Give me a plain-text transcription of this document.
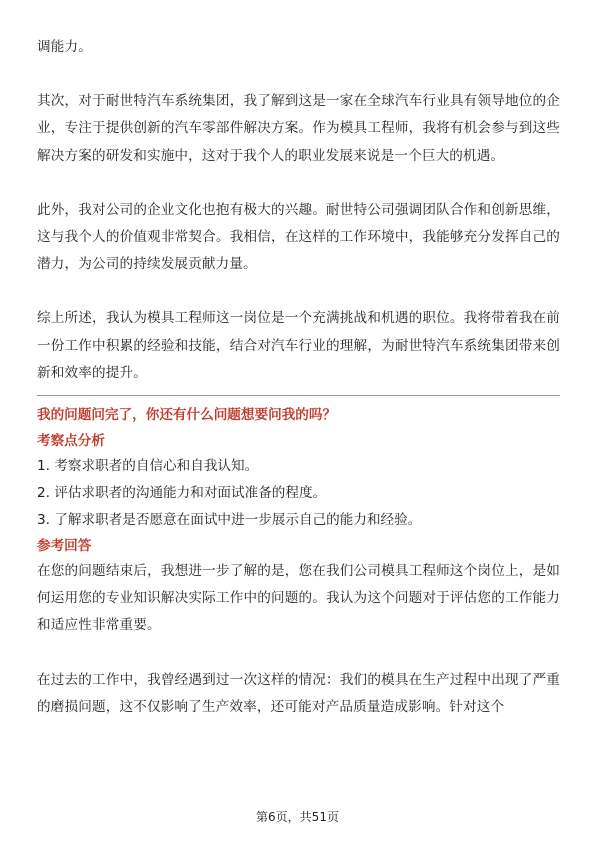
调能力。

其次，对于耐世特汽车系统集团，我了解到这是一家在全球汽车行业具有领导地位的企业，专注于提供创新的汽车零部件解决方案。作为模具工程师，我将有机会参与到这些解决方案的研发和实施中，这对于我个人的职业发展来说是一个巨大的机遇。

此外，我对公司的企业文化也抱有极大的兴趣。耐世特公司强调团队合作和创新思维，这与我个人的价值观非常契合。我相信，在这样的工作环境中，我能够充分发挥自己的潜力，为公司的持续发展贡献力量。

综上所述，我认为模具工程师这一岗位是一个充满挑战和机遇的职位。我将带着我在前一份工作中积累的经验和技能，结合对汽车行业的理解，为耐世特汽车系统集团带来创新和效率的提升。

我的问题问完了，你还有什么问题想要问我的吗？

考察点分析

1. 考察求职者的自信心和自我认知。
2. 评估求职者的沟通能力和对面试准备的程度。
3. 了解求职者是否愿意在面试中进一步展示自己的能力和经验。

参考回答

在您的问题结束后，我想进一步了解的是，您在我们公司模具工程师这个岗位上，是如何运用您的专业知识解决实际工作中的问题的。我认为这个问题对于评估您的工作能力和适应性非常重要。

在过去的工作中，我曾经遇到过一次这样的情况：我们的模具在生产过程中出现了严重的磨损问题，这不仅影响了生产效率，还可能对产品质量造成影响。针对这个

第6页，共51页
